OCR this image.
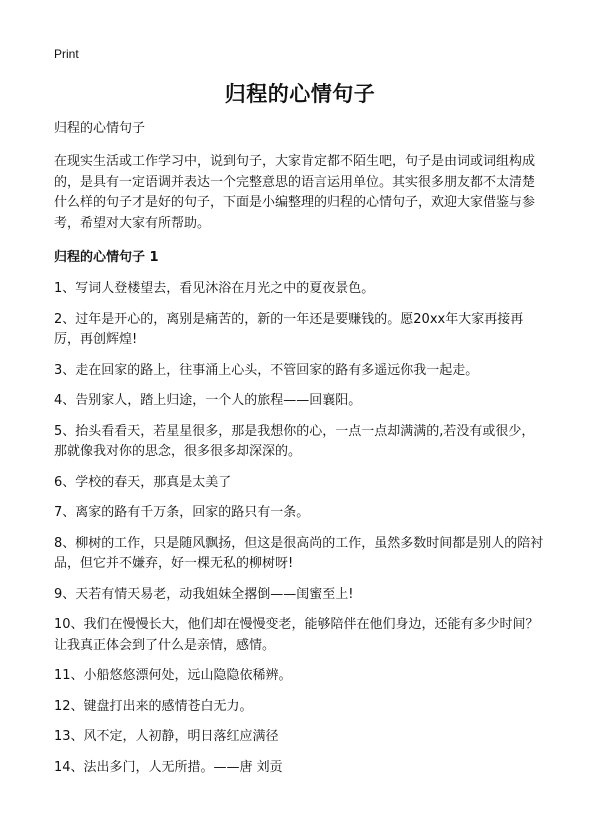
Print
归程的心情句子

归程的心情句子

在现实生活或工作学习中，说到句子，大家肯定都不陌生吧，句子是由词或词组构成的，是具有一定语调并表达一个完整意思的语言运用单位。其实很多朋友都不太清楚什么样的句子才是好的句子，下面是小编整理的归程的心情句子，欢迎大家借鉴与参考，希望对大家有所帮助。

归程的心情句子 1

1、写词人登楼望去，看见沐浴在月光之中的夏夜景色。

2、过年是开心的，离别是痛苦的，新的一年还是要赚钱的。愿20xx年大家再接再厉，再创辉煌!

3、走在回家的路上，往事涌上心头，不管回家的路有多遥远你我一起走。

4、告别家人，踏上归途，一个人的旅程——回襄阳。

5、抬头看看天，若星星很多，那是我想你的心，一点一点却满满的,若没有或很少，那就像我对你的思念，很多很多却深深的。

6、学校的春天，那真是太美了

7、离家的路有千万条，回家的路只有一条。

8、柳树的工作，只是随风飘扬，但这是很高尚的工作，虽然多数时间都是别人的陪衬品，但它并不嫌弃，好一棵无私的柳树呀!

9、天若有情天易老，动我姐妹全撂倒——闺蜜至上!

10、我们在慢慢长大，他们却在慢慢变老，能够陪伴在他们身边，还能有多少时间？让我真正体会到了什么是亲情，感情。

11、小船悠悠漂何处，远山隐隐依稀辨。

12、键盘打出来的感情苍白无力。

13、风不定，人初静，明日落红应满径

14、法出多门，人无所措。——唐 刘贡
